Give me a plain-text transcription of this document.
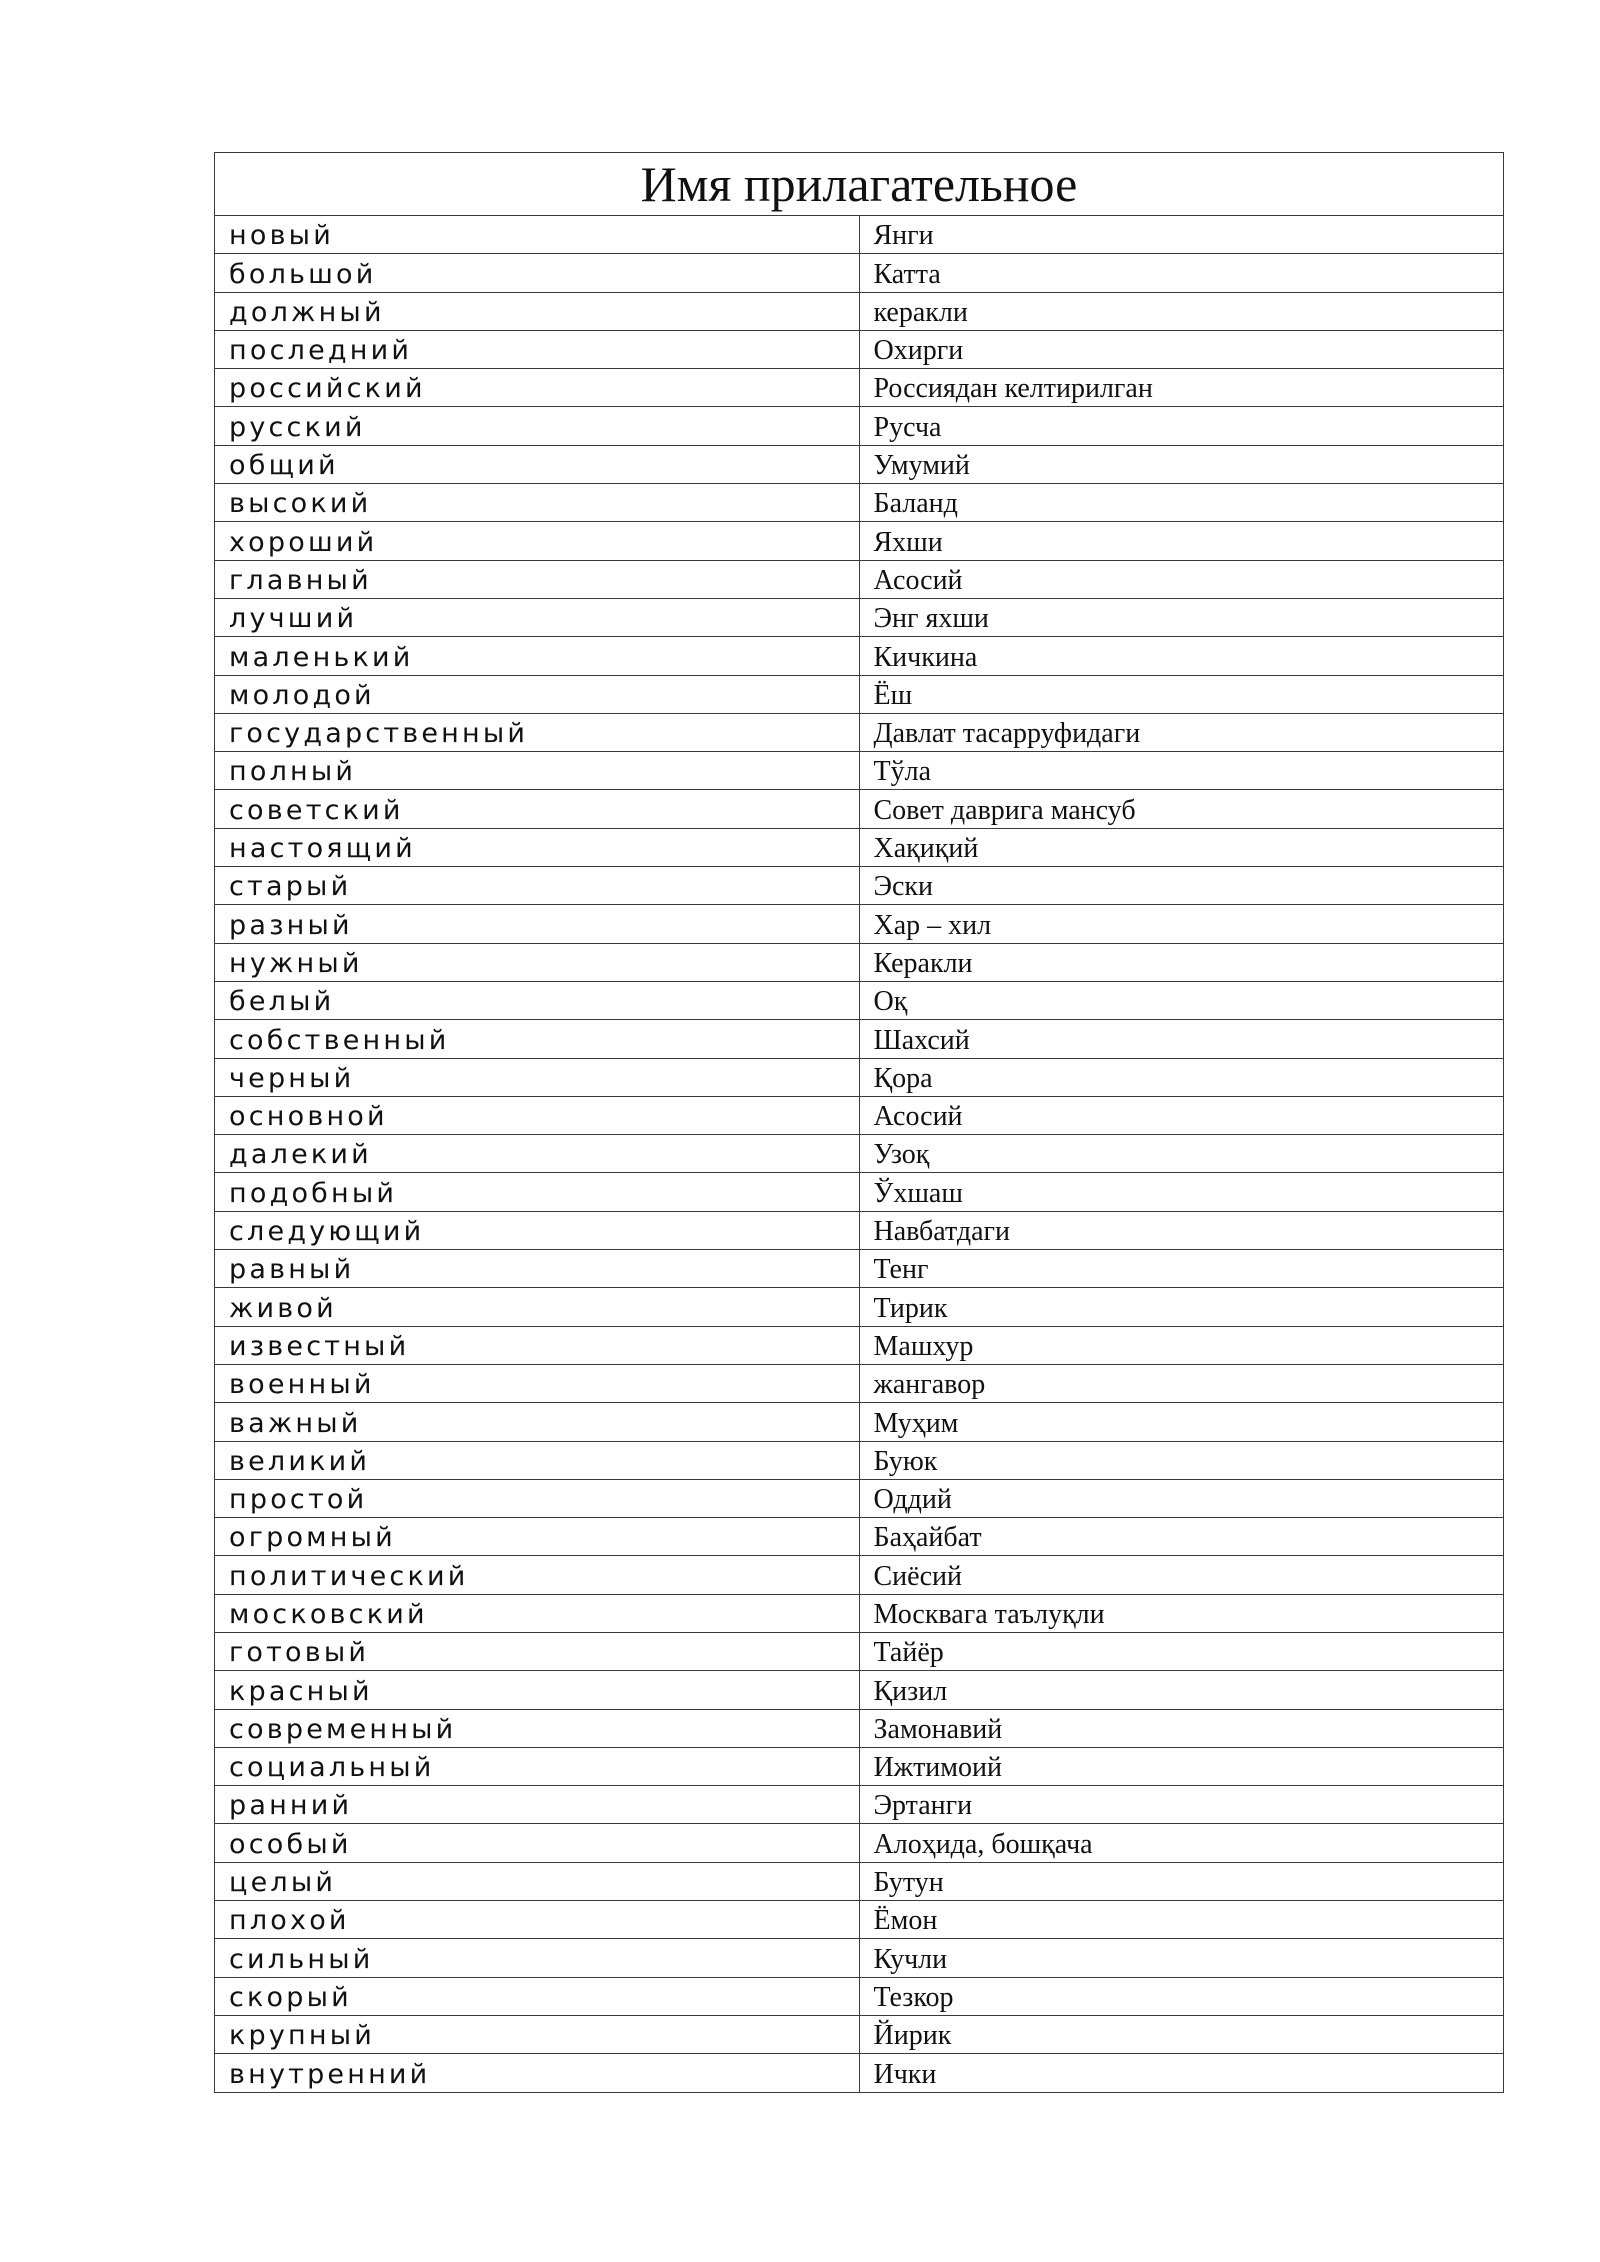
Имя прилагательное	
новый	Янги
большой	Катта
должный	керакли
последний	Охирги
российский	Россиядан келтирилган
русский	Русча
общий	Умумий
высокий	Баланд
хороший	Яхши
главный	Асосий
лучший	Энг яхши
маленький	Кичкина
молодой	Ёш
государственный	Давлат тасарруфидаги
полный	Тўла
советский	Совет даврига мансуб
настоящий	Хақиқий
старый	Эски
разный	Хар – хил
нужный	Керакли
белый	Оқ
собственный	Шахсий
черный	Қора
основной	Асосий
далекий	Узоқ
подобный	Ўхшаш
следующий	Навбатдаги
равный	Тенг
живой	Тирик
известный	Машхур
военный	жангавор
важный	Муҳим
великий	Буюк
простой	Оддий
огромный	Баҳайбат
политический	Сиёсий
московский	Москвага таълуқли
готовый	Тайёр
красный	Қизил
современный	Замонавий
социальный	Ижтимоий
ранний	Эртанги
особый	Алоҳида, бошқача
целый	Бутун
плохой	Ёмон
сильный	Кучли
скорый	Тезкор
крупный	Йирик
внутренний	Ички
